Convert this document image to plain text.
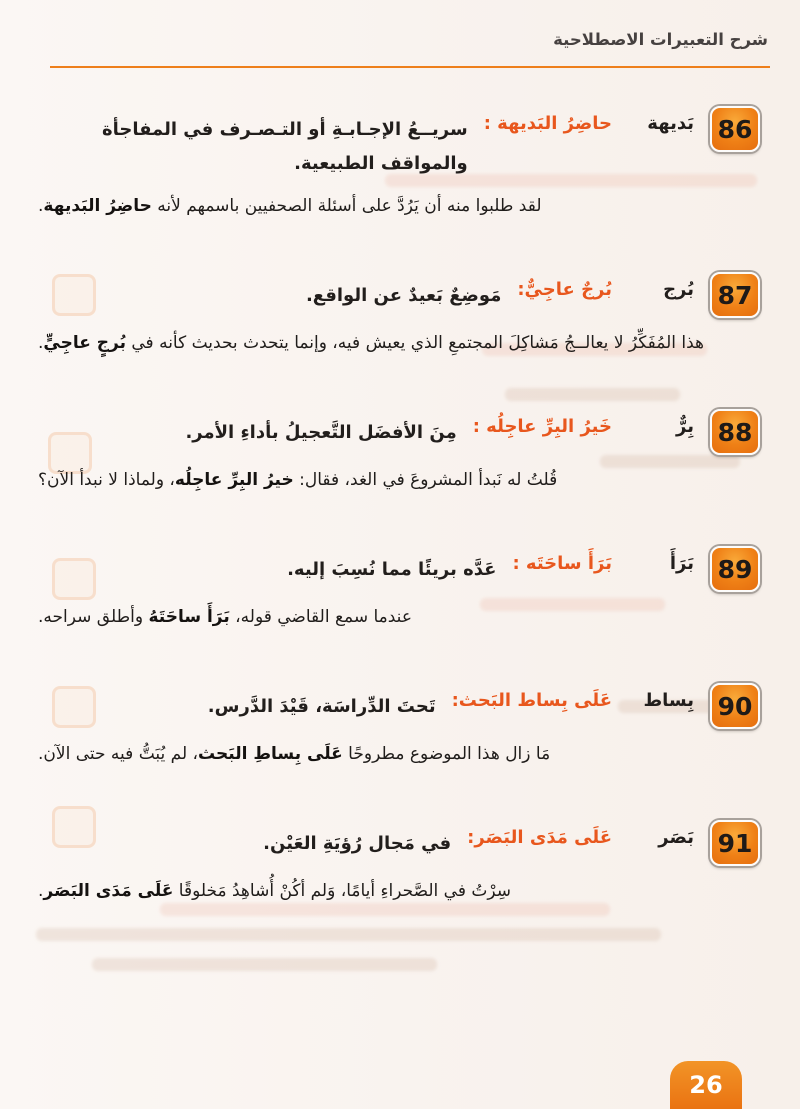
شرح التعبيرات الاصطلاحية
86
بَديهة
حاضِرُ البَديهة :
سريــعُ الإجـابـةِ أو التـصـرف في المفاجأة والمواقف الطبيعية.

لقد طلبوا منه أن يَرُدَّ على أسئلة الصحفيين باسمهم لأنه حاضِرُ البَديهة.

87
بُرج
بُرجٌ عاجِيٌّ:
مَوضِعٌ بَعيدٌ عن الواقع.

هذا المُفَكِّرُ لا يعالــجُ مَشاكِلَ المجتمعِ الذي يعيش فيه، وإنما يتحدث بحديث كأنه في بُرجٍ عاجِيٍّ.

88
بِرٌّ
خَيرُ البِرِّ عاجِلُه :
مِنَ الأفضَل التَّعجيلُ بأداءِ الأمر.

قُلتُ له نَبدأ المشروعَ في الغد، فقال: خيرُ البِرِّ عاجِلُه، ولماذا لا نبدأ الآن؟

89
بَرَأَ
بَرَأَ ساحَتَه :
عَدَّه بريئًا مما نُسِبَ إليه.

عندما سمع القاضي قوله، بَرَأَ ساحَتَهُ وأطلق سراحه.

90
بِساط
عَلَى بِساط البَحث:
تَحتَ الدِّراسَة، قَيْدَ الدَّرس.

مَا زال هذا الموضوع مطروحًا عَلَى بِساطِ البَحث، لم يُبَتُّ فيه حتى الآن.

91
بَصَر
عَلَى مَدَى البَصَر:
في مَجال رُؤيَةِ العَيْن.

سِرْتُ في الصَّحراءِ أيامًا، وَلم أكُنْ أُشاهِدُ مَخلوقًا عَلَى مَدَى البَصَر.

26
